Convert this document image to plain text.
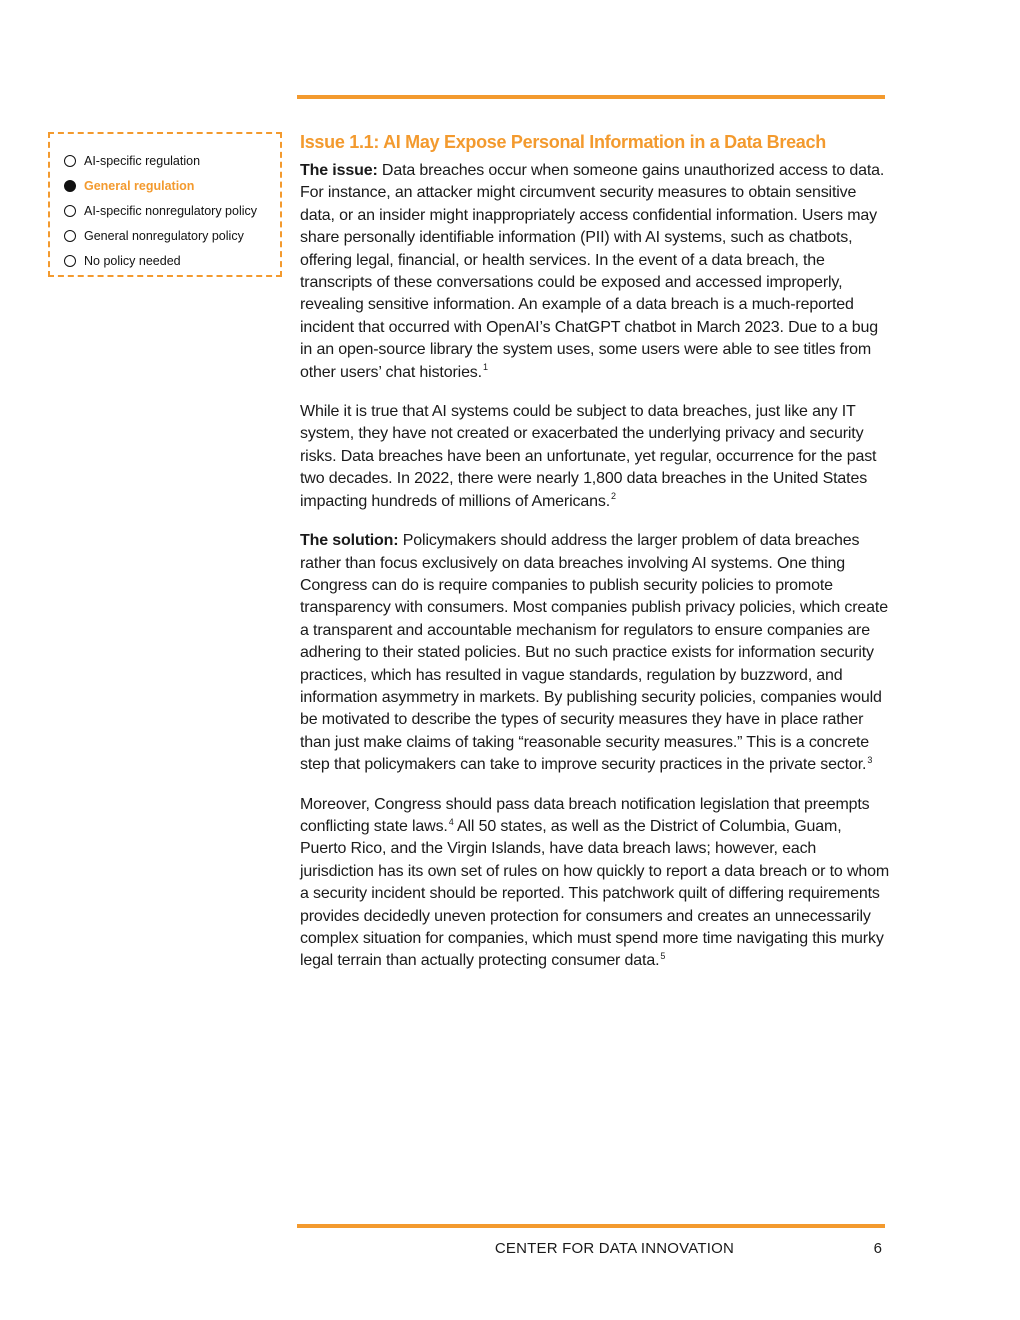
AI-specific regulation
General regulation
AI-specific nonregulatory policy
General nonregulatory policy
No policy needed
Issue 1.1: AI May Expose Personal Information in a Data Breach

The issue: Data breaches occur when someone gains unauthorized access to data. For instance, an attacker might circumvent security measures to obtain sensitive data, or an insider might inappropriately access confidential information. Users may share personally identifiable information (PII) with AI systems, such as chatbots, offering legal, financial, or health services. In the event of a data breach, the transcripts of these conversations could be exposed and accessed improperly, revealing sensitive information. An example of a data breach is a much-reported incident that occurred with OpenAI’s ChatGPT chatbot in March 2023. Due to a bug in an open-source library the system uses, some users were able to see titles from other users’ chat histories.$^1$

While it is true that AI systems could be subject to data breaches, just like any IT system, they have not created or exacerbated the underlying privacy and security risks. Data breaches have been an unfortunate, yet regular, occurrence for the past two decades. In 2022, there were nearly 1,800 data breaches in the United States impacting hundreds of millions of Americans.$^2$

The solution: Policymakers should address the larger problem of data breaches rather than focus exclusively on data breaches involving AI systems. One thing Congress can do is require companies to publish security policies to promote transparency with consumers. Most companies publish privacy policies, which create a transparent and accountable mechanism for regulators to ensure companies are adhering to their stated policies. But no such practice exists for information security practices, which has resulted in vague standards, regulation by buzzword, and information asymmetry in markets. By publishing security policies, companies would be motivated to describe the types of security measures they have in place rather than just make claims of taking “reasonable security measures.” This is a concrete step that policymakers can take to improve security practices in the private sector.$^3$

Moreover, Congress should pass data breach notification legislation that preempts conflicting state laws.$^4$ All 50 states, as well as the District of Columbia, Guam, Puerto Rico, and the Virgin Islands, have data breach laws; however, each jurisdiction has its own set of rules on how quickly to report a data breach or to whom a security incident should be reported. This patchwork quilt of differing requirements provides decidedly uneven protection for consumers and creates an unnecessarily complex situation for companies, which must spend more time navigating this murky legal terrain than actually protecting consumer data.$^5$

CENTER FOR DATA INNOVATION	6
